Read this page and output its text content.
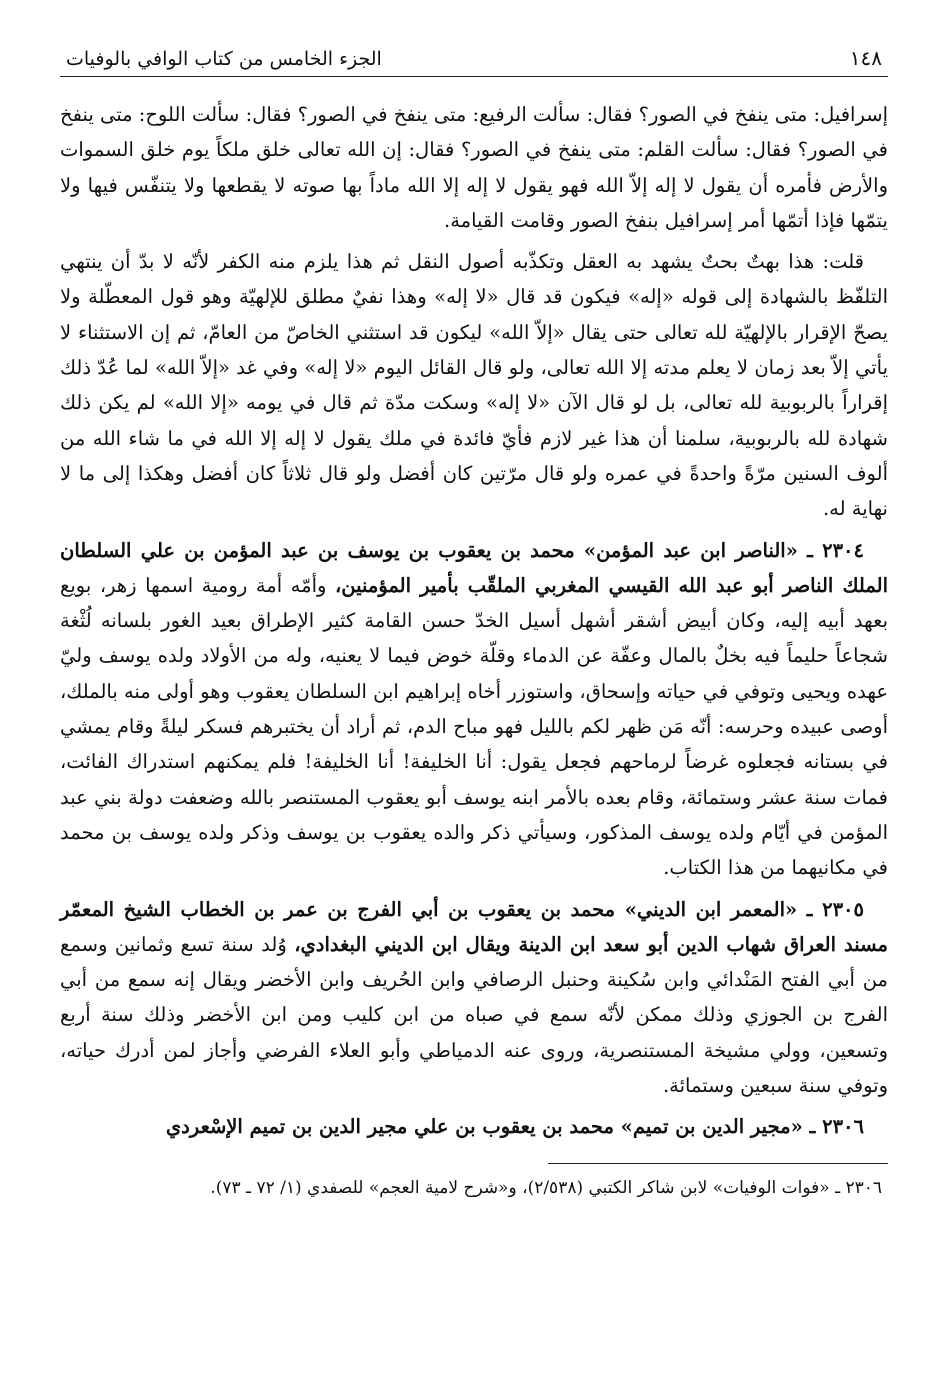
١٤٨
الجزء الخامس من كتاب الوافي بالوفيات

إسرافيل: متى ينفخ في الصور؟ فقال: سألت الرفيع: متى ينفخ في الصور؟ فقال: سألت اللوح: متى ينفخ في الصور؟ فقال: سألت القلم: متى ينفخ في الصور؟ فقال: إن الله تعالى خلق ملكاً يوم خلق السموات والأرض فأمره أن يقول لا إله إلاّ الله فهو يقول لا إله إلا الله ماداً بها صوته لا يقطعها ولا يتنفّس فيها ولا يتمّها فإذا أتمّها أمر إسرافيل بنفخ الصور وقامت القيامة.

قلت: هذا بهتٌ بحتٌ يشهد به العقل وتكذّبه أصول النقل ثم هذا يلزم منه الكفر لأنّه لا بدّ أن ينتهي التلفّظ بالشهادة إلى قوله «إله» فيكون قد قال «لا إله» وهذا نفيٌ مطلق للإلهيّة وهو قول المعطّلة ولا يصحّ الإقرار بالإلهيّة لله تعالى حتى يقال «إلاّ الله» ليكون قد استثني الخاصّ من العامّ، ثم إن الاستثناء لا يأتي إلاّ بعد زمان لا يعلم مدته إلا الله تعالى، ولو قال القائل اليوم «لا إله» وفي غد «إلاّ الله» لما عُدّ ذلك إقراراً بالربوبية لله تعالى، بل لو قال الآن «لا إله» وسكت مدّة ثم قال في يومه «إلا الله» لم يكن ذلك شهادة لله بالربوبية، سلمنا أن هذا غير لازم فأيّ فائدة في ملك يقول لا إله إلا الله في ما شاء الله من ألوف السنين مرّةً واحدةً في عمره ولو قال مرّتين كان أفضل ولو قال ثلاثاً كان أفضل وهكذا إلى ما لا نهاية له.

٢٣٠٤ ـ «الناصر ابن عبد المؤمن» محمد بن يعقوب بن يوسف بن عبد المؤمن بن علي السلطان الملك الناصر أبو عبد الله القيسي المغربي الملقّب بأمير المؤمنين، وأمّه أمة رومية اسمها زهر، بويع بعهد أبيه إليه، وكان أبيض أشقر أشهل أسيل الخدّ حسن القامة كثير الإطراق بعيد الغور بلسانه لُثْغة شجاعاً حليماً فيه بخلٌ بالمال وعفّة عن الدماء وقلّة خوض فيما لا يعنيه، وله من الأولاد ولده يوسف وليّ عهده ويحيى وتوفي في حياته وإسحاق، واستوزر أخاه إبراهيم ابن السلطان يعقوب وهو أولى منه بالملك، أوصى عبيده وحرسه: أنّه مَن ظهر لكم بالليل فهو مباح الدم، ثم أراد أن يختبرهم فسكر ليلةً وقام يمشي في بستانه فجعلوه غرضاً لرماحهم فجعل يقول: أنا الخليفة! أنا الخليفة! فلم يمكنهم استدراك الفائت، فمات سنة عشر وستمائة، وقام بعده بالأمر ابنه يوسف أبو يعقوب المستنصر بالله وضعفت دولة بني عبد المؤمن في أيّام ولده يوسف المذكور، وسيأتي ذكر والده يعقوب بن يوسف وذكر ولده يوسف بن محمد في مكانيهما من هذا الكتاب.

٢٣٠٥ ـ «المعمر ابن الديني» محمد بن يعقوب بن أبي الفرج بن عمر بن الخطاب الشيخ المعمّر مسند العراق شهاب الدين أبو سعد ابن الدينة ويقال ابن الديني البغدادي، وُلد سنة تسع وثمانين وسمع من أبي الفتح المَنْدائي وابن سُكينة وحنبل الرصافي وابن الحُريف وابن الأخضر ويقال إنه سمع من أبي الفرج بن الجوزي وذلك ممكن لأنّه سمع في صباه من ابن كليب ومن ابن الأخضر وذلك سنة أربع وتسعين، وولي مشيخة المستنصرية، وروى عنه الدمياطي وأبو العلاء الفرضي وأجاز لمن أدرك حياته، وتوفي سنة سبعين وستمائة.

٢٣٠٦ ـ «مجير الدين بن تميم» محمد بن يعقوب بن علي مجير الدين بن تميم الإسْعردي

٢٣٠٦ ـ «فوات الوفيات» لابن شاكر الكتبي (٢/٥٣٨)، و«شرح لامية العجم» للصفدي (١/ ٧٢ ـ ٧٣).
